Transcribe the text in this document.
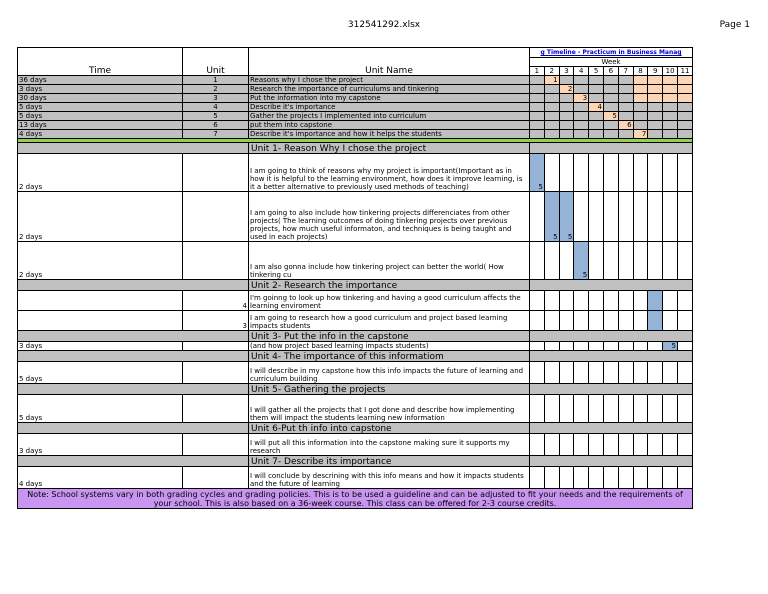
312541292.xlsx	Page 1
Time	Unit	Unit Name	g Timeline - Practicum in Business Manag										
			Week										
			1	2	3	4	5	6	7	8	9	10	11
36 days	1	Reasons why I chose the project		1									
3 days	2	Research the importance of curriculums and tinkering			2								
30 days	3	Put the information into my capstone				3							
5 days	4	Describe it's importance					4						
5 days	5	Gather the projects I implemented into curriculum						5					
13 days	6	put them into capstone							6				
4 days	7	Describe it's importance and how it helps the students								7			

		Unit 1- Reason Why I chose the project											
2 days		I am going to think of reasons why my project is important(Important as in how it is helpful to the learning environment, how does it improve learning, is it a better alternative to previously used methods of teaching)	5										
2 days		I am going to also include how tinkering projects differenciates from other projects( The learning outcomes of doing tinkering projects over previous projects, how much useful informaton, and techniques is being taught and used in each projects)		5	5								
2 days		I am also gonna include how tinkering project can better the world( How tinkering cu				5							
		Unit 2- Research the importance											
	4	I'm goinng to look up how tinkering and having a good curriculum affects the learning enviroment											
	3	I am going to research how a good curriculum and project based learning impacts students											
		Unit 3- Put the info in the capstone											
3 days		(and how project based learning impacts students)										5	
		Unit 4- The importance of this informatiom											
5 days		I will describe in my capstone how this info impacts the future of learning and curriculum building											
		Unit 5- Gathering the projects											
5 days		I will gather all the projects that I got done and describe how implementing them will impact the students learning new information											
		Unit 6-Put th info into capstone											
3 days		I will put all this information into the capstone making sure it supports my research											
		Unit 7- Describe its importance											
4 days		I will conclude by descrining with this info means and how it impacts students and the future of learning											
Note: School systems vary in both grading cycles and grading policies. This is to be used a guideline and can be adjusted to fit your needs and the requirements of your school. This is also based on a 36-week course. This class can be offered for 2-3 course credits.													
